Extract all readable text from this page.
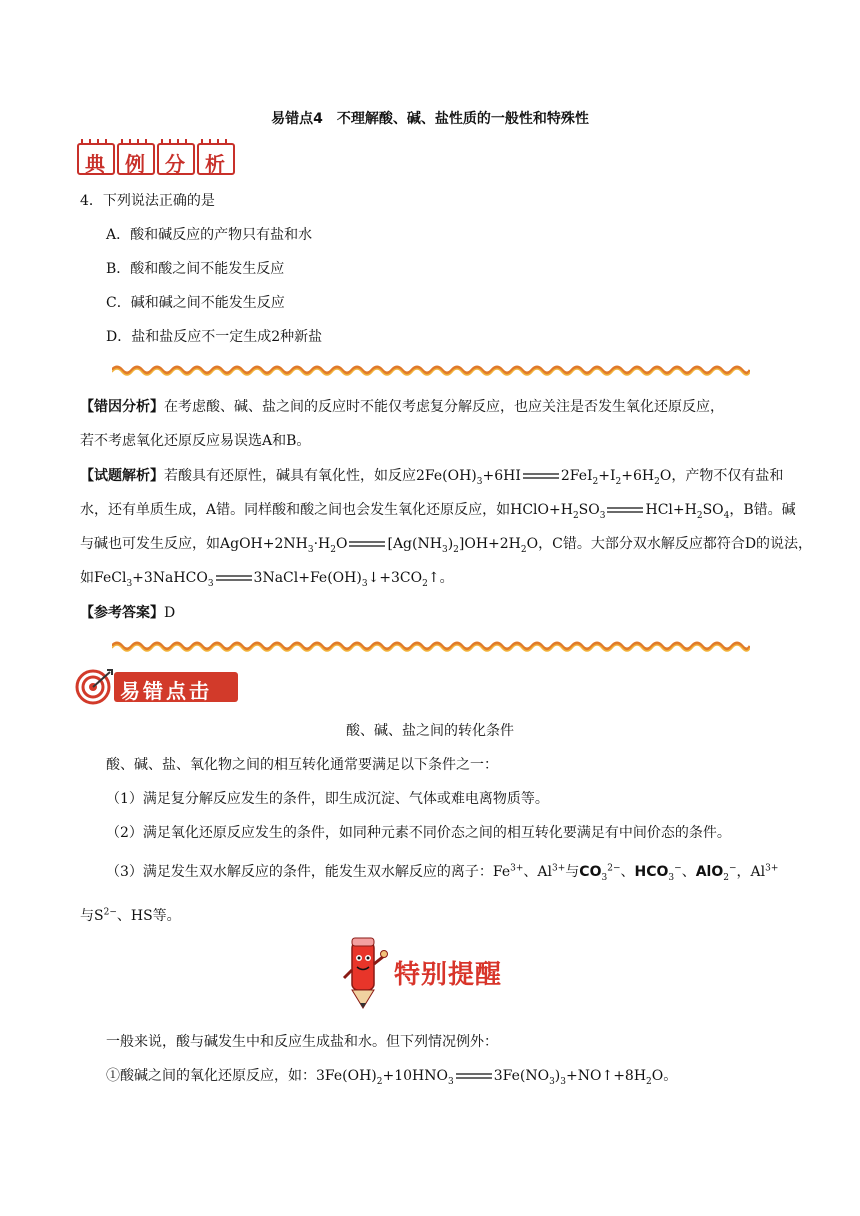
易错点4　不理解酸、碱、盐性质的一般性和特殊性
典 例 分 析
4．下列说法正确的是
A．酸和碱反应的产物只有盐和水
B．酸和酸之间不能发生反应
C．碱和碱之间不能发生反应
D．盐和盐反应不一定生成2种新盐
【错因分析】在考虑酸、碱、盐之间的反应时不能仅考虑复分解反应，也应关注是否发生氧化还原反应，
若不考虑氧化还原反应易误选A和B。
【试题解析】若酸具有还原性，碱具有氧化性，如反应$2Fe(OH)_3+6HI$	$2FeI_2+I_2+6H_2O$，产物不仅有盐和
水，还有单质生成，A错。同样酸和酸之间也会发生氧化还原反应，如$HClO+H_2SO_3$	$HCl+H_2SO_4$，B错。碱
与碱也可发生反应，如$AgOH+2NH_3\cdot H_2O$	$[Ag(NH_3)_2]OH+2H_2O$，C错。大部分双水解反应都符合D的说法，
如FeCl$_3$+3NaHCO$_3$	$3NaCl+Fe(OH)_3↓+3CO_2↑$。
【参考答案】D
易错点击
酸、碱、盐之间的转化条件
酸、碱、盐、氧化物之间的相互转化通常要满足以下条件之一：
（1）满足复分解反应发生的条件，即生成沉淀、气体或难电离物质等。
（2）满足氧化还原反应发生的条件，如同种元素不同价态之间的相互转化要满足有中间价态的条件。
（3）满足发生双水解反应的条件，能发生双水解反应的离子：$Fe^{3+}$、$Al^{3+}$与$CO_3^{2-}$、$HCO_3^-$、AlO$_2$−，$Al^{3+}$
与$S^{2-}$、HS等。
特别提醒
一般来说，酸与碱发生中和反应生成盐和水。但下列情况例外：
①酸碱之间的氧化还原反应，如：$3Fe(OH)_2+10HNO_3$	$3Fe(NO_3)_3+NO↑+8H_2O$。
